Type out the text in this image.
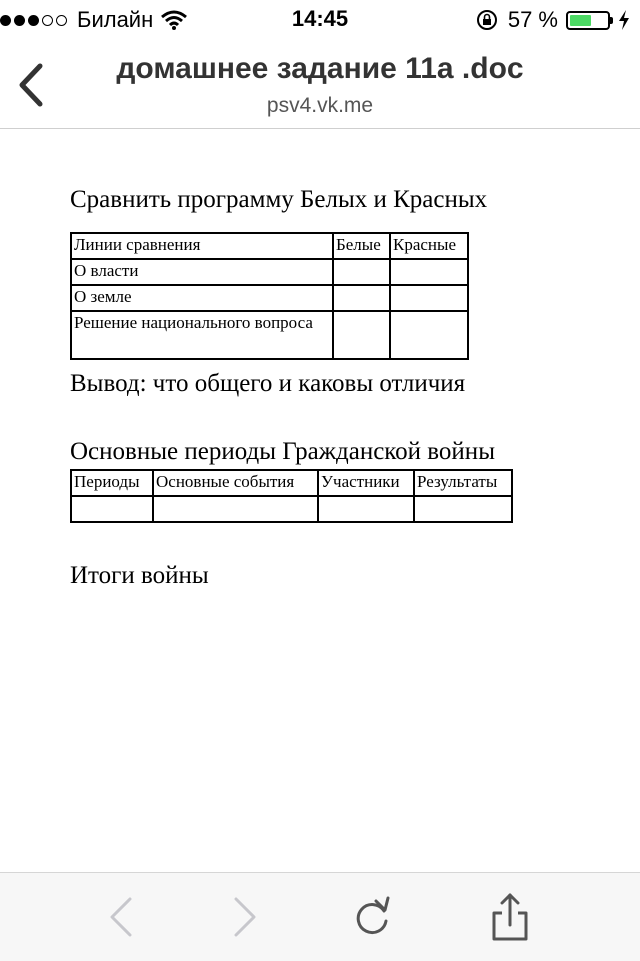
Билайн	14:45	57 %
домашнее задание 11а .doc
psv4.vk.me
Сравнить программу Белых и Красных
Линии сравнения	Белые	Красные
О власти		
О земле		
Решение национального вопроса		
Вывод: что общего и каковы отличия
Основные периоды Гражданской войны
Периоды	Основные события	Участники	Результаты

Итоги войны
